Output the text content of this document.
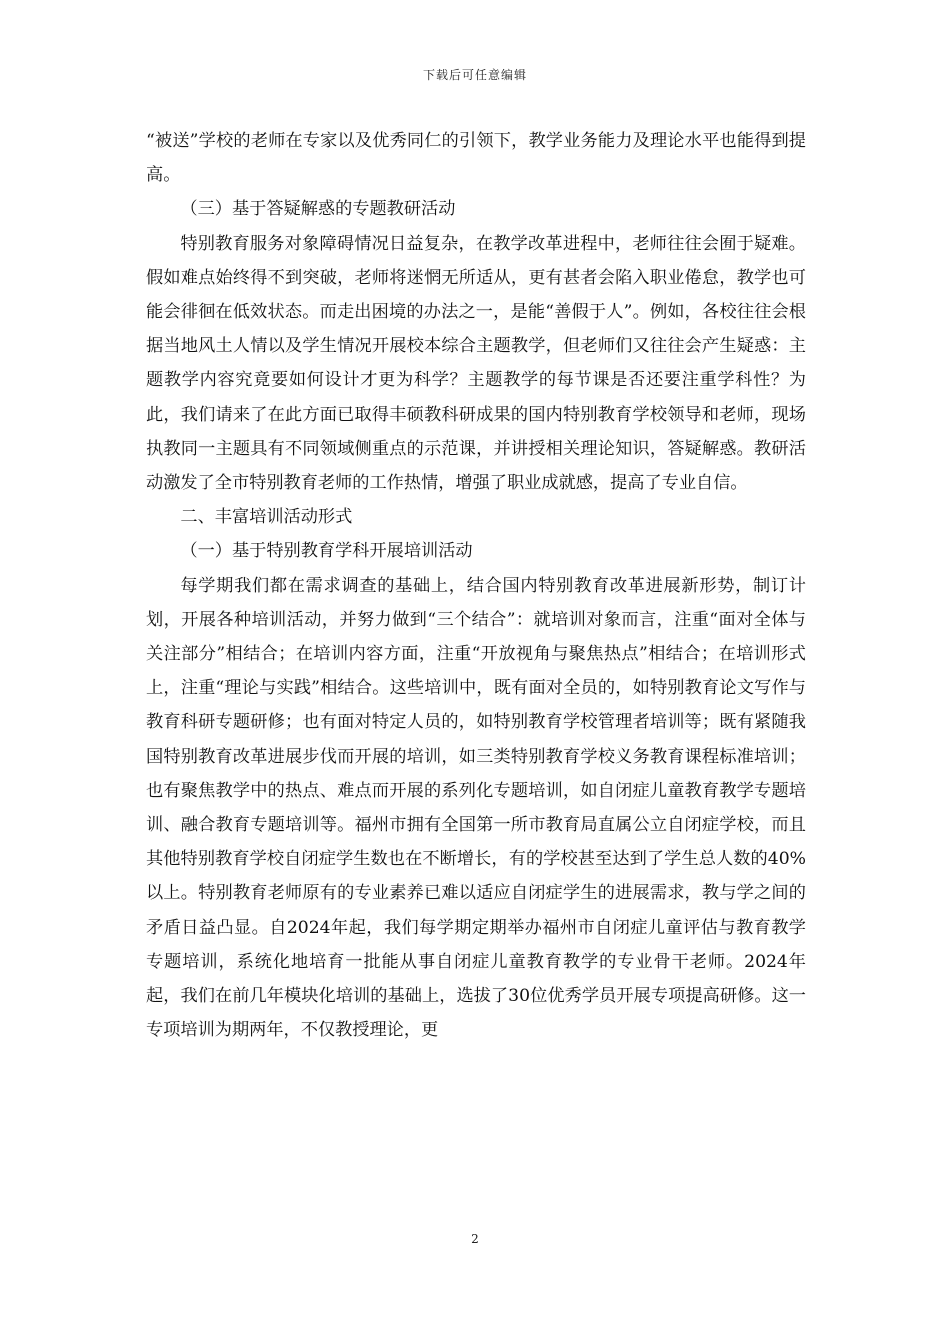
下载后可任意编辑

“被送”学校的老师在专家以及优秀同仁的引领下，教学业务能力及理论水平也能得到提高。

（三）基于答疑解惑的专题教研活动

特别教育服务对象障碍情况日益复杂，在教学改革进程中，老师往往会囿于疑难。假如难点始终得不到突破，老师将迷惘无所适从，更有甚者会陷入职业倦怠，教学也可能会徘徊在低效状态。而走出困境的办法之一，是能“善假于人”。例如，各校往往会根据当地风土人情以及学生情况开展校本综合主题教学，但老师们又往往会产生疑惑：主题教学内容究竟要如何设计才更为科学？主题教学的每节课是否还要注重学科性？为此，我们请来了在此方面已取得丰硕教科研成果的国内特别教育学校领导和老师，现场执教同一主题具有不同领域侧重点的示范课，并讲授相关理论知识，答疑解惑。教研活动激发了全市特别教育老师的工作热情，增强了职业成就感，提高了专业自信。

二、丰富培训活动形式

（一）基于特别教育学科开展培训活动

每学期我们都在需求调查的基础上，结合国内特别教育改革进展新形势，制订计划，开展各种培训活动，并努力做到“三个结合”：就培训对象而言，注重“面对全体与关注部分”相结合；在培训内容方面，注重“开放视角与聚焦热点”相结合；在培训形式上，注重“理论与实践”相结合。这些培训中，既有面对全员的，如特别教育论文写作与教育科研专题研修；也有面对特定人员的，如特别教育学校管理者培训等；既有紧随我国特别教育改革进展步伐而开展的培训，如三类特别教育学校义务教育课程标准培训；也有聚焦教学中的热点、难点而开展的系列化专题培训，如自闭症儿童教育教学专题培训、融合教育专题培训等。福州市拥有全国第一所市教育局直属公立自闭症学校，而且其他特别教育学校自闭症学生数也在不断增长，有的学校甚至达到了学生总人数的40%以上。特别教育老师原有的专业素养已难以适应自闭症学生的进展需求，教与学之间的矛盾日益凸显。自2024年起，我们每学期定期举办福州市自闭症儿童评估与教育教学专题培训，系统化地培育一批能从事自闭症儿童教育教学的专业骨干老师。2024年起，我们在前几年模块化培训的基础上，选拔了30位优秀学员开展专项提高研修。这一专项培训为期两年，不仅教授理论，更

2
